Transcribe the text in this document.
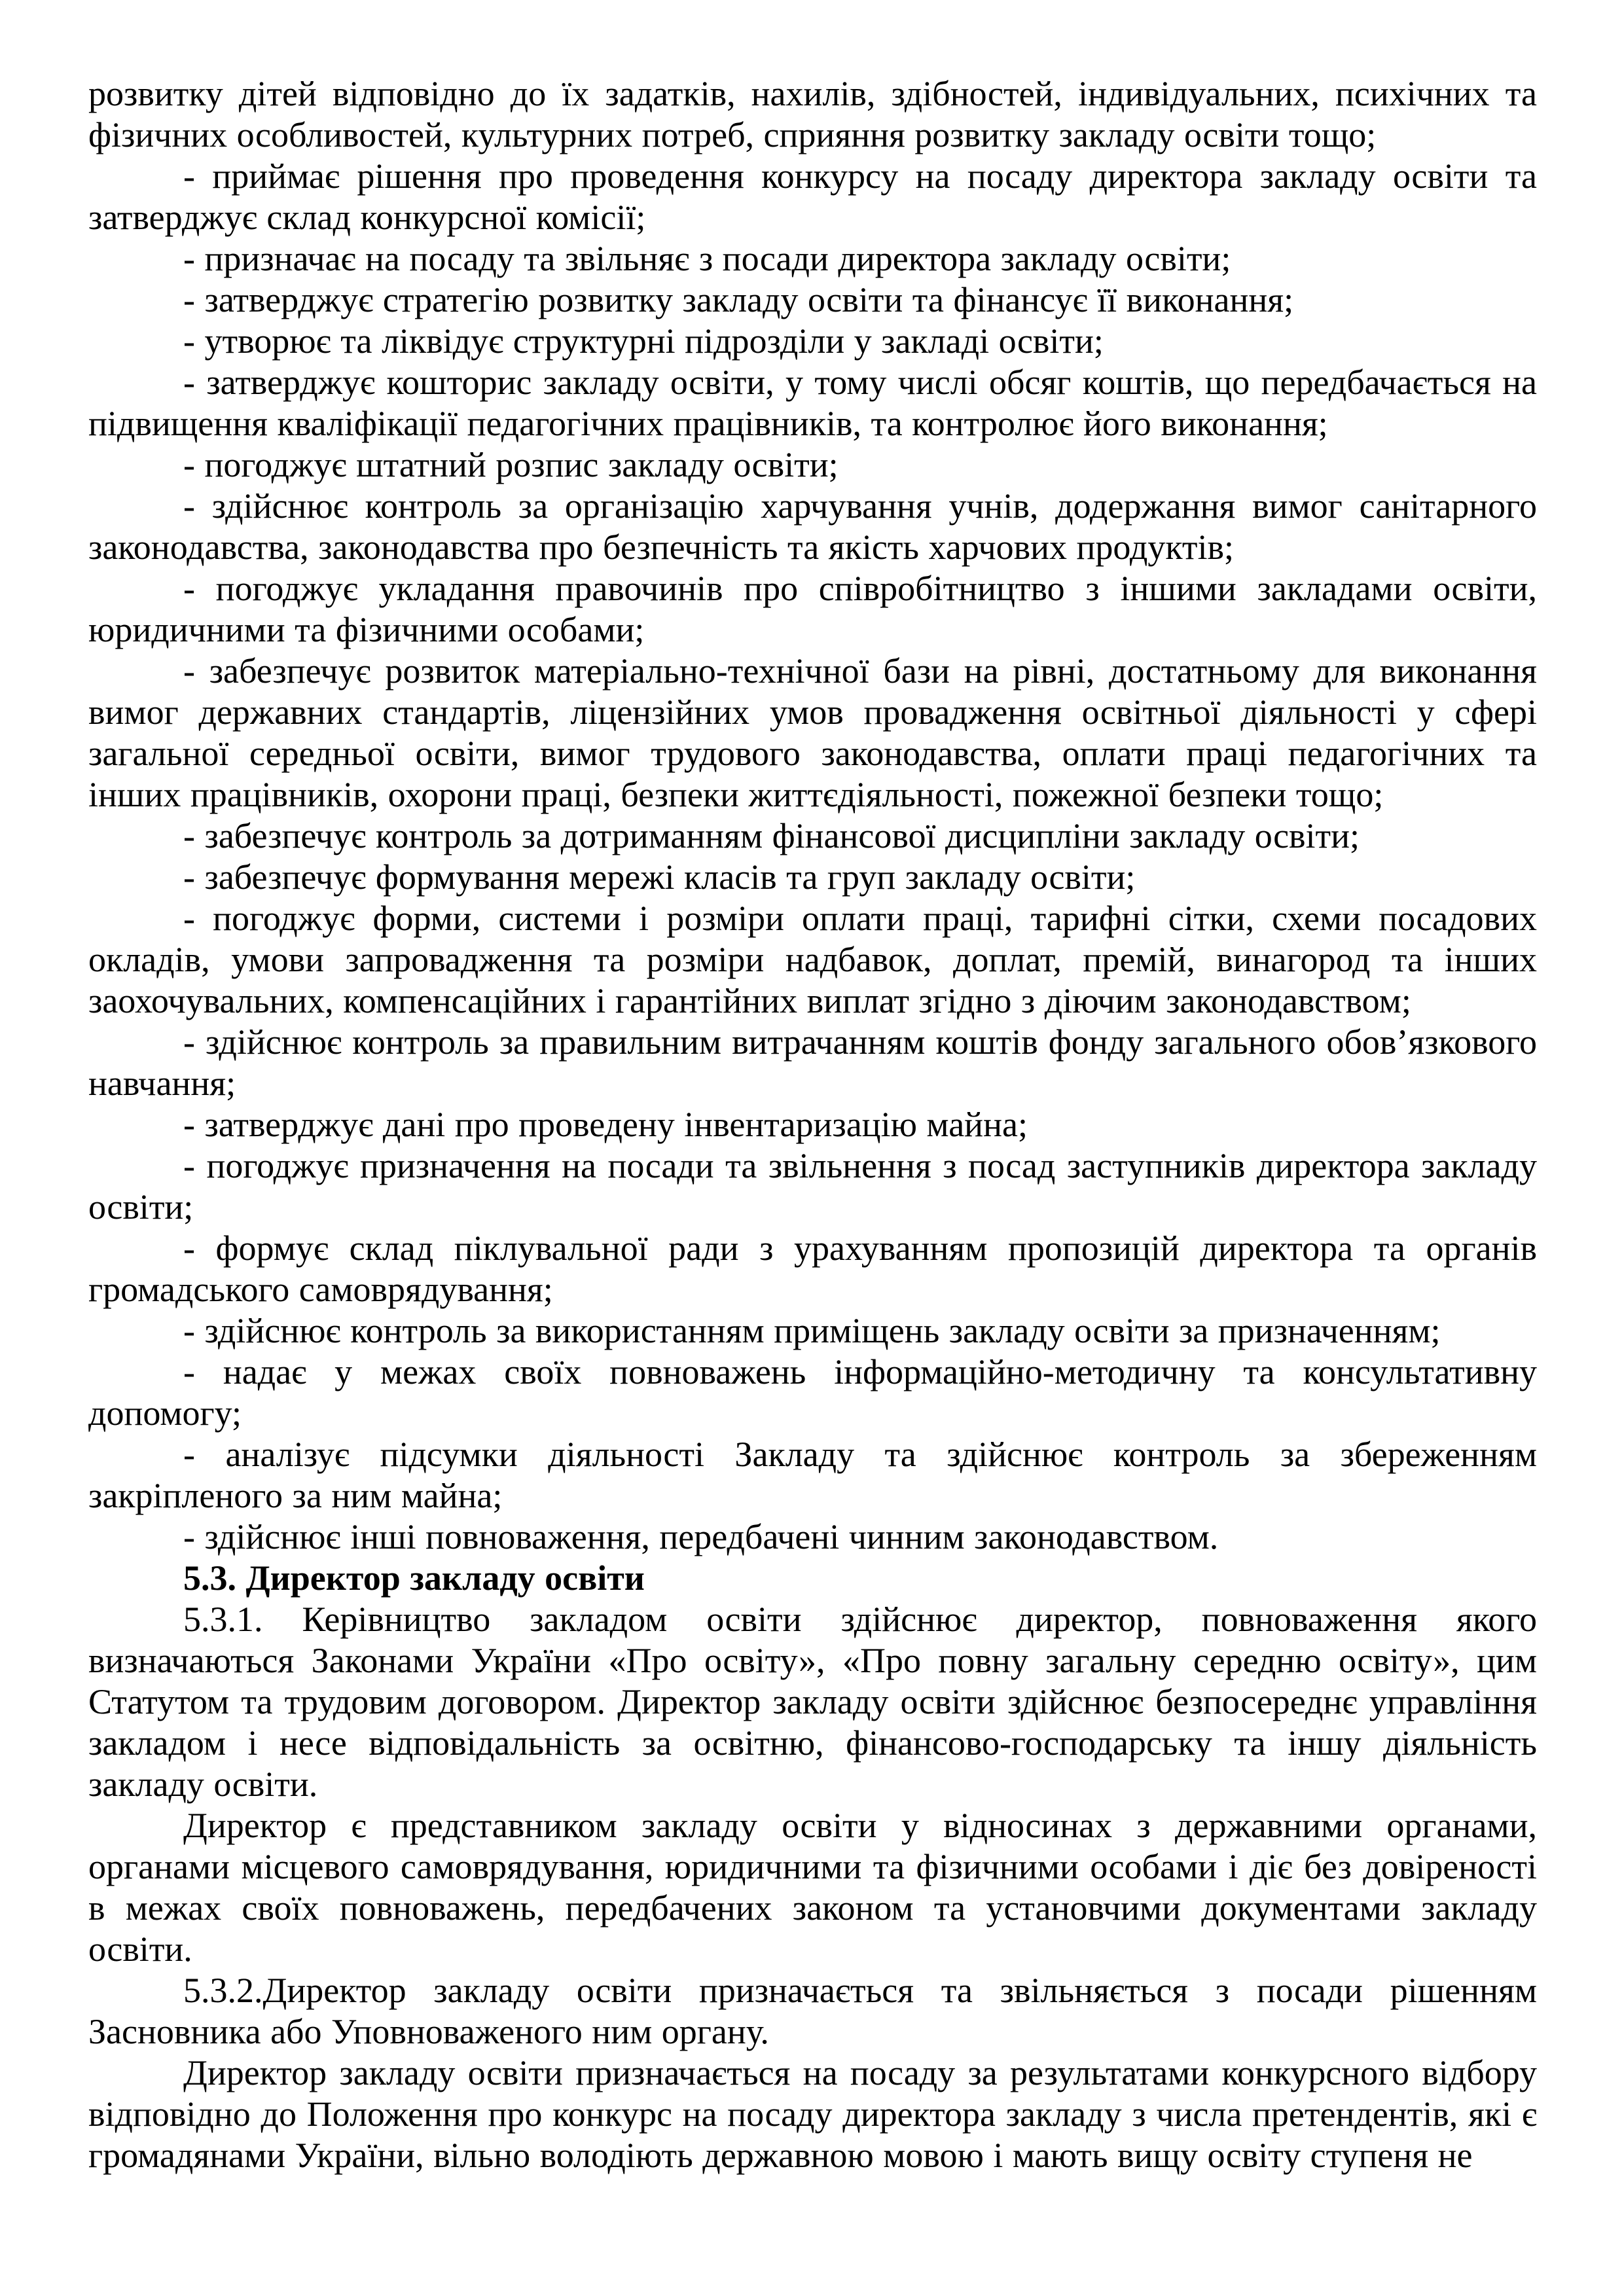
розвитку дітей відповідно до їх задатків, нахилів, здібностей, індивідуальних, психічних та фізичних особливостей, культурних потреб, сприяння розвитку закладу освіти тощо;

- приймає рішення про проведення конкурсу на посаду директора закладу освіти та затверджує склад конкурсної комісії;

- призначає на посаду та звільняє з посади директора закладу освіти;

- затверджує стратегію розвитку закладу освіти та фінансує її виконання;

- утворює та ліквідує структурні підрозділи у закладі освіти;

- затверджує кошторис закладу освіти, у тому числі обсяг коштів, що передбачається на підвищення кваліфікації педагогічних працівників, та контролює його виконання;

- погоджує штатний розпис закладу освіти;

- здійснює контроль за організацію харчування учнів, додержання вимог санітарного законодавства, законодавства про безпечність та якість харчових продуктів;

- погоджує укладання правочинів про співробітництво з іншими закладами освіти, юридичними та фізичними особами;

- забезпечує розвиток матеріально-технічної бази на рівні, достатньому для виконання вимог державних стандартів, ліцензійних умов провадження освітньої діяльності у сфері загальної середньої освіти, вимог трудового законодавства, оплати праці педагогічних та інших працівників, охорони праці, безпеки життєдіяльності, пожежної безпеки тощо;

- забезпечує контроль за дотриманням фінансової дисципліни закладу освіти;

- забезпечує формування мережі класів та груп закладу освіти;

- погоджує форми, системи і розміри оплати праці, тарифні сітки, схеми посадових окладів, умови запровадження та розміри надбавок, доплат, премій, винагород та інших заохочувальних, компенсаційних і гарантійних виплат згідно з діючим законодавством;

- здійснює контроль за правильним витрачанням коштів фонду загального обов’язкового навчання;

- затверджує дані про проведену інвентаризацію майна;

- погоджує призначення на посади та звільнення з посад заступників директора закладу освіти;

- формує склад піклувальної ради з урахуванням пропозицій директора та органів громадського самоврядування;

- здійснює контроль за використанням приміщень закладу освіти за призначенням;

- надає у межах своїх повноважень інформаційно-методичну та консультативну допомогу;

- аналізує підсумки діяльності Закладу та здійснює контроль за збереженням закріпленого за ним майна;

- здійснює інші повноваження, передбачені чинним законодавством.

5.3. Директор закладу освіти

5.3.1. Керівництво закладом освіти здійснює директор, повноваження якого визначаються Законами України «Про освіту», «Про повну загальну середню освіту», цим Статутом та трудовим договором. Директор закладу освіти здійснює безпосереднє управління закладом і несе відповідальність за освітню, фінансово-господарську та іншу діяльність закладу освіти.

Директор є представником закладу освіти у відносинах з державними органами, органами місцевого самоврядування, юридичними та фізичними особами і діє без довіреності в межах своїх повноважень, передбачених законом та установчими документами закладу освіти.

5.3.2.Директор закладу освіти призначається та звільняється з посади рішенням Засновника або Уповноваженого ним органу.

Директор закладу освіти призначається на посаду за результатами конкурсного відбору відповідно до Положення про конкурс на посаду директора закладу з числа претендентів, які є громадянами України, вільно володіють державною мовою і мають вищу освіту ступеня не
